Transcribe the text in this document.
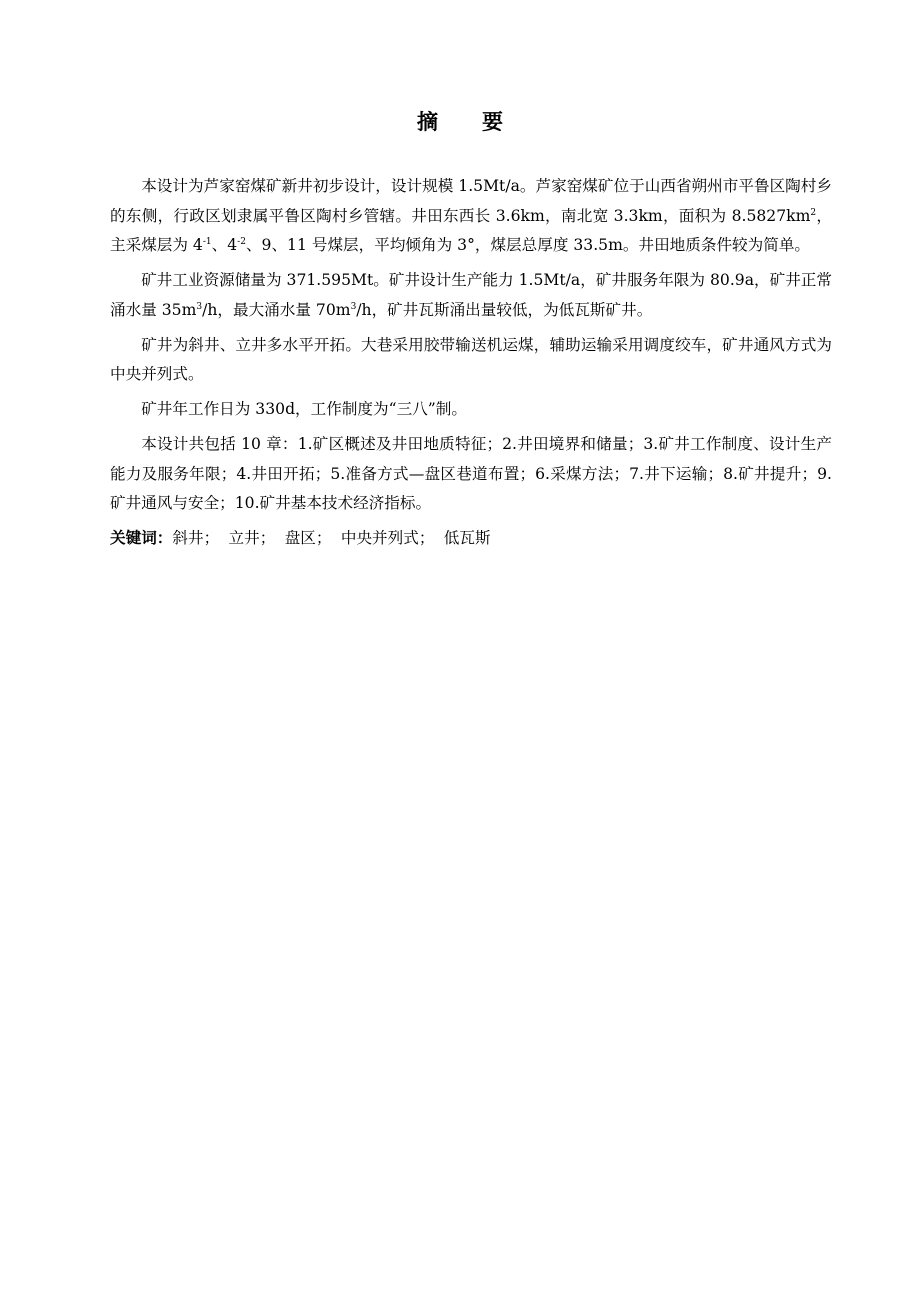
摘 要

本设计为芦家窑煤矿新井初步设计，设计规模 1.5Mt/a。芦家窑煤矿位于山西省朔州市平鲁区陶村乡的东侧，行政区划隶属平鲁区陶村乡管辖。井田东西长 3.6km，南北宽 3.3km，面积为 $8.5827km^2$，主采煤层为 $4^{-1}$、$4^{-2}$、9、11 号煤层，平均倾角为 3°，煤层总厚度 33.5m。井田地质条件较为简单。

矿井工业资源储量为 371.595Mt。矿井设计生产能力 1.5Mt/a，矿井服务年限为 80.9a，矿井正常涌水量 $35m^3/h$，最大涌水量 $70m^3/h$，矿井瓦斯涌出量较低，为低瓦斯矿井。

矿井为斜井、立井多水平开拓。大巷采用胶带输送机运煤，辅助运输采用调度绞车，矿井通风方式为中央并列式。

矿井年工作日为 330d，工作制度为“三八”制。

本设计共包括 10 章：1.矿区概述及井田地质特征；2.井田境界和储量；3.矿井工作制度、设计生产能力及服务年限；4.井田开拓；5.准备方式—盘区巷道布置；6.采煤方法；7.井下运输；8.矿井提升；9.矿井通风与安全；10.矿井基本技术经济指标。

关键词：斜井； 立井； 盘区； 中央并列式； 低瓦斯
